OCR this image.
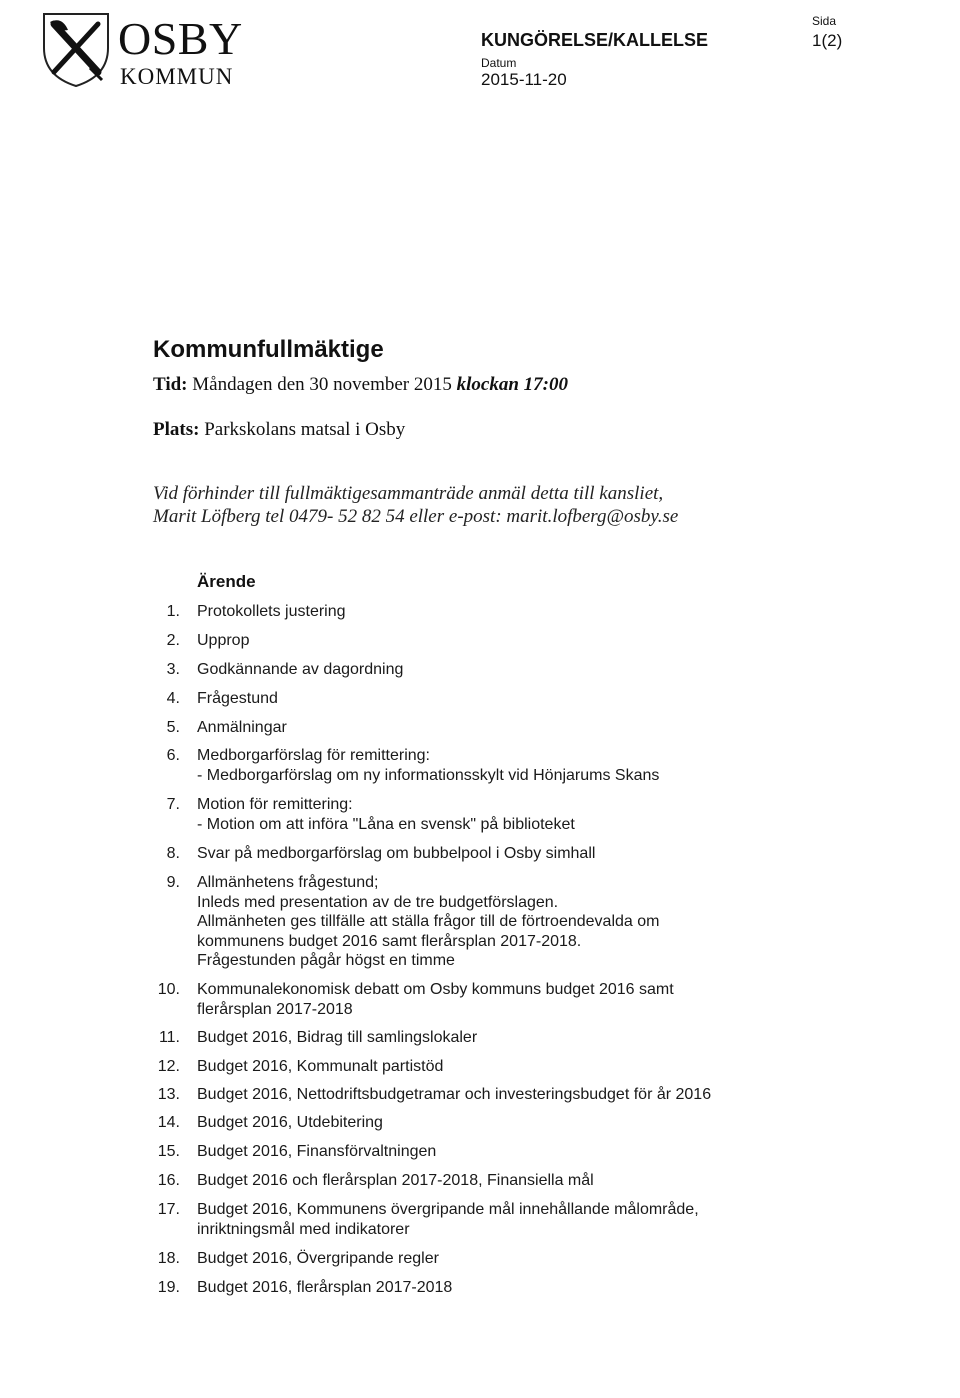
OSBY
KOMMUN
KUNGÖRELSE/KALLELSE
Datum
2015-11-20
Sida
1(2)
Kommunfullmäktige
Tid: Måndagen den 30 november 2015 klockan 17:00
Plats: Parkskolans matsal i Osby
Vid förhinder till fullmäktigesammanträde anmäl detta till kansliet,
Marit Löfberg tel 0479- 52 82 54 eller e-post: marit.lofberg@osby.se
Ärende
1. Protokollets justering
2. Upprop
3. Godkännande av dagordning
4. Frågestund
5. Anmälningar
6. Medborgarförslag för remittering:
- Medborgarförslag om ny informationsskylt vid Hönjarums Skans
7. Motion för remittering:
- Motion om att införa "Låna en svensk" på biblioteket
8. Svar på medborgarförslag om bubbelpool i Osby simhall
9. Allmänhetens frågestund;
Inleds med presentation av de tre budgetförslagen.
Allmänheten ges tillfälle att ställa frågor till de förtroendevalda om
kommunens budget 2016 samt flerårsplan 2017-2018.
Frågestunden pågår högst en timme
10. Kommunalekonomisk debatt om Osby kommuns budget 2016 samt
flerårsplan 2017-2018
11. Budget 2016, Bidrag till samlingslokaler
12. Budget 2016, Kommunalt partistöd
13. Budget 2016, Nettodriftsbudgetramar och investeringsbudget för år 2016
14. Budget 2016, Utdebitering
15. Budget 2016, Finansförvaltningen
16. Budget 2016 och flerårsplan 2017-2018, Finansiella mål
17. Budget 2016, Kommunens övergripande mål innehållande målområde,
inriktningsmål med indikatorer
18. Budget 2016, Övergripande regler
19. Budget 2016, flerårsplan 2017-2018
